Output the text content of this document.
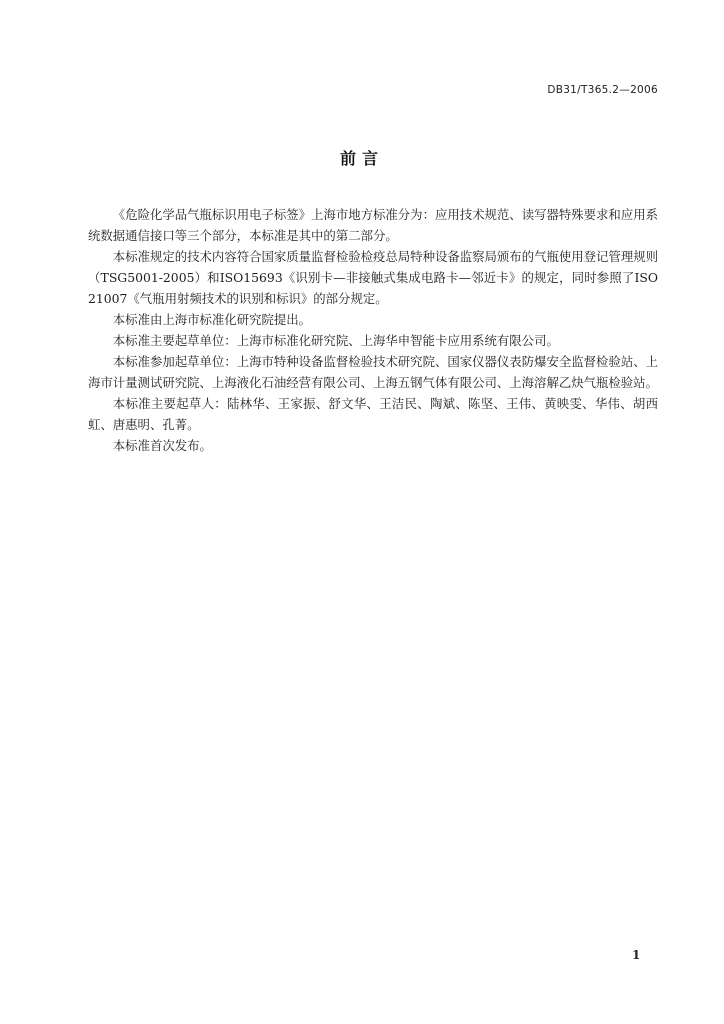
DB31/T365.2—2006
前言

《危险化学品气瓶标识用电子标签》上海市地方标准分为：应用技术规范、读写器特殊要求和应用系统数据通信接口等三个部分，本标准是其中的第二部分。

本标准规定的技术内容符合国家质量监督检验检疫总局特种设备监察局颁布的气瓶使用登记管理规则（TSG5001-2005）和ISO15693《识别卡—非接触式集成电路卡—邻近卡》的规定，同时参照了ISO21007《气瓶用射频技术的识别和标识》的部分规定。

本标准由上海市标准化研究院提出。

本标准主要起草单位：上海市标准化研究院、上海华申智能卡应用系统有限公司。

本标准参加起草单位：上海市特种设备监督检验技术研究院、国家仪器仪表防爆安全监督检验站、上海市计量测试研究院、上海液化石油经营有限公司、上海五钢气体有限公司、上海溶解乙炔气瓶检验站。

本标准主要起草人：陆林华、王家振、舒文华、王洁民、陶斌、陈坚、王伟、黄映雯、华伟、胡西虹、唐惠明、孔菁。

本标准首次发布。

1
